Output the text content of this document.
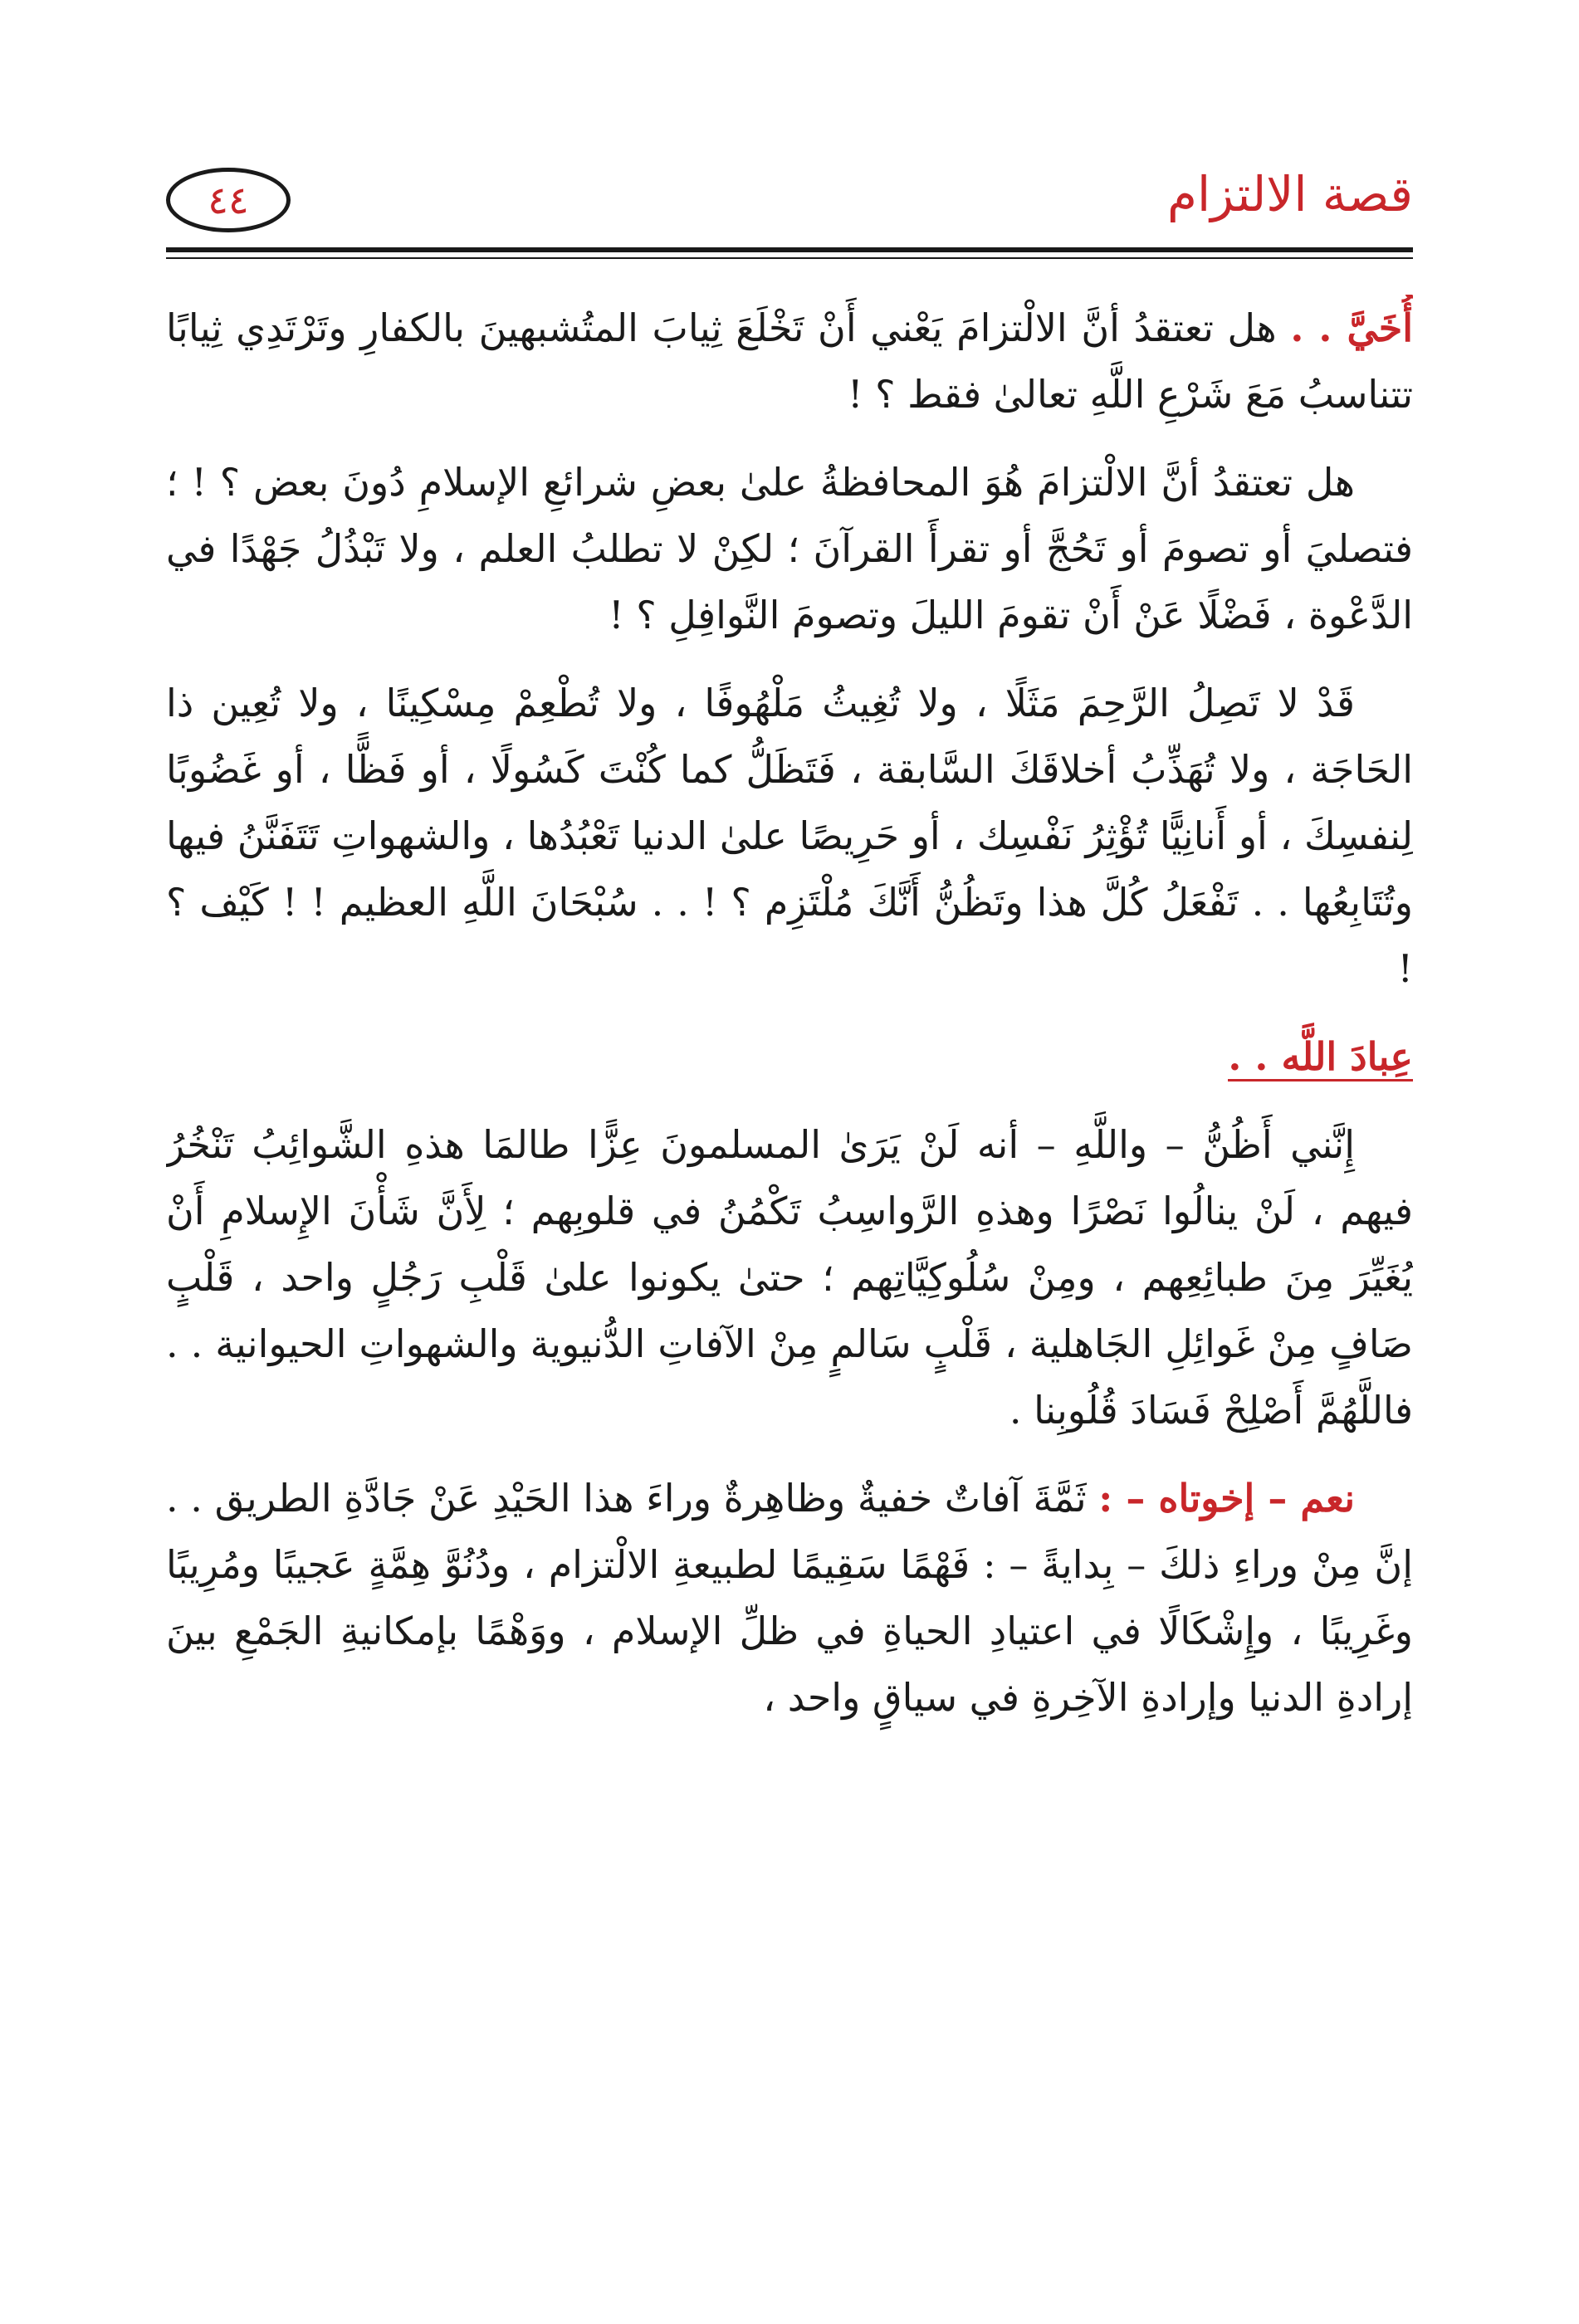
قصة الالتزام
٤٤

أُخَيَّ . . هل تعتقدُ أنَّ الالْتزامَ يَعْني أَنْ تَخْلَعَ ثِيابَ المتُشبهينَ بالكفارِ وتَرْتَدِي ثِيابًا تتناسبُ مَعَ شَرْعِ اللَّهِ تعالىٰ فقط ؟ !

هل تعتقدُ أنَّ الالْتزامَ هُوَ المحافظةُ علىٰ بعضِ شرائعِ الإسلامِ دُونَ بعض ؟ ! ؛ فتصليَ أو تصومَ أو تَحُجَّ أو تقرأَ القرآنَ ؛ لكِنْ لا تطلبُ العلم ، ولا تَبْذُلُ جَهْدًا في الدَّعْوة ، فَضْلًا عَنْ أَنْ تقومَ الليلَ وتصومَ النَّوافِلِ ؟ !

قَدْ لا تَصِلُ الرَّحِمَ مَثَلًا ، ولا تُغِيثُ مَلْهُوفًا ، ولا تُطْعِمْ مِسْكِينًا ، ولا تُعِين ذا الحَاجَة ، ولا تُهَذِّبُ أخلاقَكَ السَّابقة ، فَتَظَلُّ كما كُنْتَ كَسُولًا ، أو فَظًّا ، أو غَضُوبًا لِنفسِكَ ، أو أَنانِيًّا تُؤْثِرُ نَفْسِك ، أو حَرِيصًا علىٰ الدنيا تَعْبُدُها ، والشهواتِ تَتَفَنَّنُ فيها وتُتَابِعُها . . تَفْعَلُ كُلَّ هذا وتَظُنُّ أَنَّكَ مُلْتَزِم ؟ ! . . سُبْحَانَ اللَّهِ العظيم ! ! كَيْف ؟ !

عِبادَ اللَّه . .

إِنَّني أَظُنُّ – واللَّهِ – أنه لَنْ يَرَىٰ المسلمونَ عِزًّا طالمَا هذهِ الشَّوائِبُ تَنْخُرُ فيهم ، لَنْ ينالُوا نَصْرًا وهذهِ الرَّواسِبُ تَكْمُنُ في قلوبِهم ؛ لِأَنَّ شَأْنَ الإِسلامِ أَنْ يُغَيِّرَ مِنَ طبائِعِهم ، ومِنْ سُلُوكِيَّاتِهم ؛ حتىٰ يكونوا علىٰ قَلْبِ رَجُلٍ واحد ، قَلْبٍ صَافٍ مِنْ غَوائِلِ الجَاهلية ، قَلْبٍ سَالمٍ مِنْ الآفاتِ الدُّنيوية والشهواتِ الحيوانية . . فاللَّهُمَّ أَصْلِحْ فَسَادَ قُلُوبِنا .

نعم – إخوتاه – : ثَمَّةَ آفاتٌ خفيةٌ وظاهِرةٌ وراءَ هذا الحَيْدِ عَنْ جَادَّةِ الطريق . . إنَّ مِنْ وراءِ ذلكَ – بِدايةً – : فَهْمًا سَقِيمًا لطبيعةِ الالْتزام ، ودُنُوَّ هِمَّةٍ عَجيبًا ومُرِيبًا وغَرِيبًا ، وإِشْكَالًا في اعتيادِ الحياةِ في ظلِّ الإسلام ، ووَهْمًا بإمكانيةِ الجَمْعِ بينَ إرادةِ الدنيا وإرادةِ الآخِرةِ في سياقٍ واحد ،
